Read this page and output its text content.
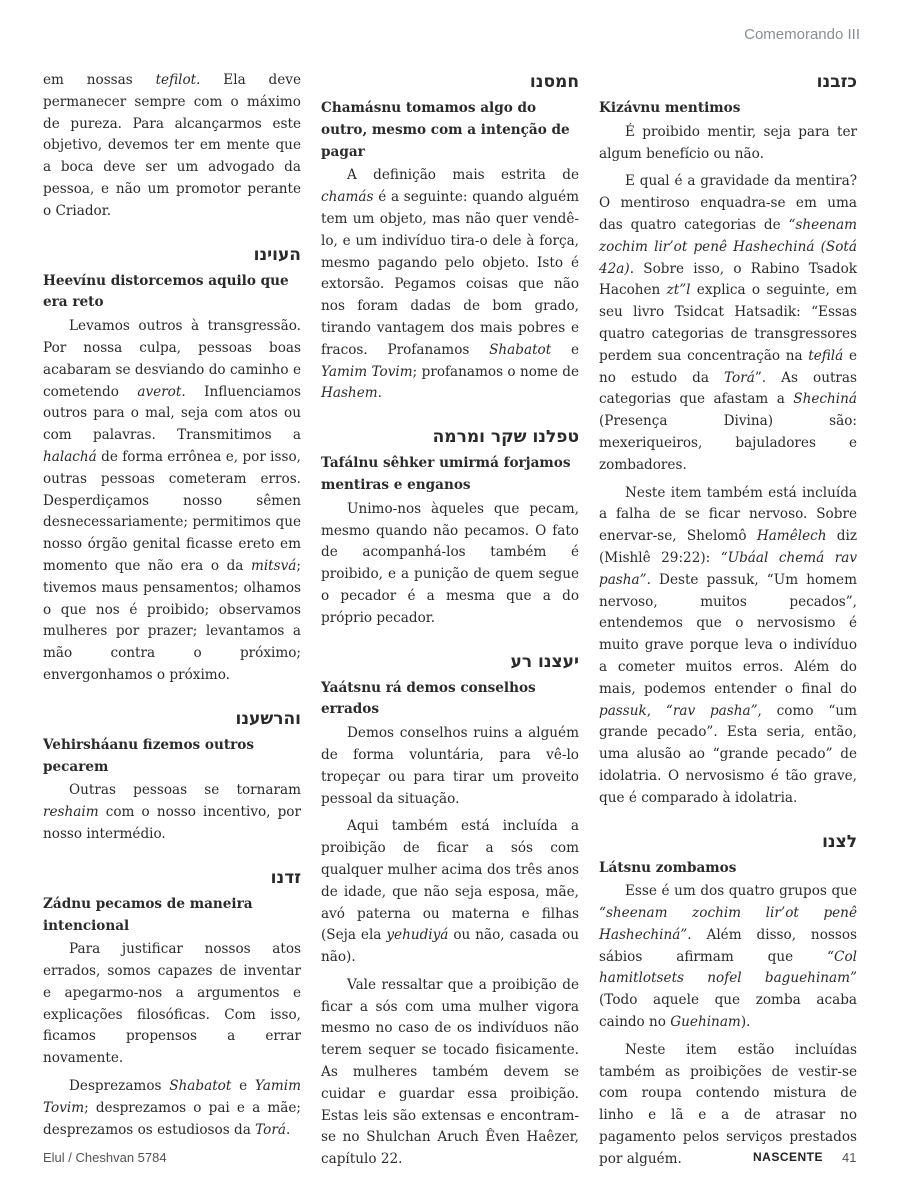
Comemorando III

em nossas tefilot. Ela deve permanecer sempre com o máximo de pureza. Para alcançarmos este objetivo, devemos ter em mente que a boca deve ser um advogado da pessoa, e não um promotor perante o Criador.

העוינו
Heevínu distorcemos aquilo que era reto

Levamos outros à transgressão. Por nossa culpa, pessoas boas acabaram se desviando do caminho e cometendo averot. Influenciamos outros para o mal, seja com atos ou com palavras. Transmitimos a halachá de forma errônea e, por isso, outras pessoas cometeram erros. Desperdiçamos nosso sêmen desnecessariamente; permitimos que nosso órgão genital ficasse ereto em momento que não era o da mitsvá; tivemos maus pensamentos; olhamos o que nos é proibido; observamos mulheres por prazer; levantamos a mão contra o próximo; envergonhamos o próximo.

והרשענו
Vehirsháanu fizemos outros pecarem

Outras pessoas se tornaram reshaim com o nosso incentivo, por nosso intermédio.

זדנו
Zádnu pecamos de maneira intencional

Para justificar nossos atos errados, somos capazes de inventar e apegarmo-nos a argumentos e explicações filosóficas. Com isso, ficamos propensos a errar novamente.

Desprezamos Shabatot e Yamim Tovim; desprezamos o pai e a mãe; desprezamos os estudiosos da Torá.

חמסנו
Chamásnu tomamos algo do outro, mesmo com a intenção de pagar

A definição mais estrita de chamás é a seguinte: quando alguém tem um objeto, mas não quer vendê-lo, e um indivíduo tira-o dele à força, mesmo pagando pelo objeto. Isto é extorsão. Pegamos coisas que não nos foram dadas de bom grado, tirando vantagem dos mais pobres e fracos. Profanamos Shabatot e Yamim Tovim; profanamos o nome de Hashem.

טפלנו שקר ומרמה
Tafálnu sêhker umirmá forjamos mentiras e enganos

Unimo-nos àqueles que pecam, mesmo quando não pecamos. O fato de acompanhá-los também é proibido, e a punição de quem segue o pecador é a mesma que a do próprio pecador.

יעצנו רע
Yaátsnu rá demos conselhos errados

Demos conselhos ruins a alguém de forma voluntária, para vê-lo tropeçar ou para tirar um proveito pessoal da situação.

Aqui também está incluída a proibição de ficar a sós com qualquer mulher acima dos três anos de idade, que não seja esposa, mãe, avó paterna ou materna e filhas (Seja ela yehudiyá ou não, casada ou não).

Vale ressaltar que a proibição de ficar a sós com uma mulher vigora mesmo no caso de os indivíduos não terem sequer se tocado fisicamente. As mulheres também devem se cuidar e guardar essa proibição. Estas leis são extensas e encontram-se no Shulchan Aruch Êven Haêzer, capítulo 22.

כזבנו
Kizávnu mentimos

É proibido mentir, seja para ter algum benefício ou não.

E qual é a gravidade da mentira? O mentiroso enquadra-se em uma das quatro categorias de “sheenam zochim lir’ot penê Hashechiná (Sotá 42a). Sobre isso, o Rabino Tsadok Hacohen zt”l explica o seguinte, em seu livro Tsidcat Hatsadik: “Essas quatro categorias de transgressores perdem sua concentração na tefilá e no estudo da Torá”. As outras categorias que afastam a Shechiná (Presença Divina) são: mexeriqueiros, bajuladores e zombadores.

Neste item também está incluída a falha de se ficar nervoso. Sobre enervar-se, Shelomô Hamêlech diz (Mishlê 29:22): “Ubáal chemá rav pasha”. Deste passuk, “Um homem nervoso, muitos pecados”, entendemos que o nervosismo é muito grave porque leva o indivíduo a cometer muitos erros. Além do mais, podemos entender o final do passuk, “rav pasha”, como “um grande pecado”. Esta seria, então, uma alusão ao “grande pecado” de idolatria. O nervosismo é tão grave, que é comparado à idolatria.

לצנו
Látsnu zombamos

Esse é um dos quatro grupos que “sheenam zochim lir’ot penê Hashechiná”. Além disso, nossos sábios afirmam que “Col hamitlotsets nofel baguehinam” (Todo aquele que zomba acaba caindo no Guehinam).

Neste item estão incluídas também as proibições de vestir-se com roupa contendo mistura de linho e lã e a de atrasar no pagamento pelos serviços prestados por alguém.

Elul / Cheshvan 5784	NASCENTE 41
